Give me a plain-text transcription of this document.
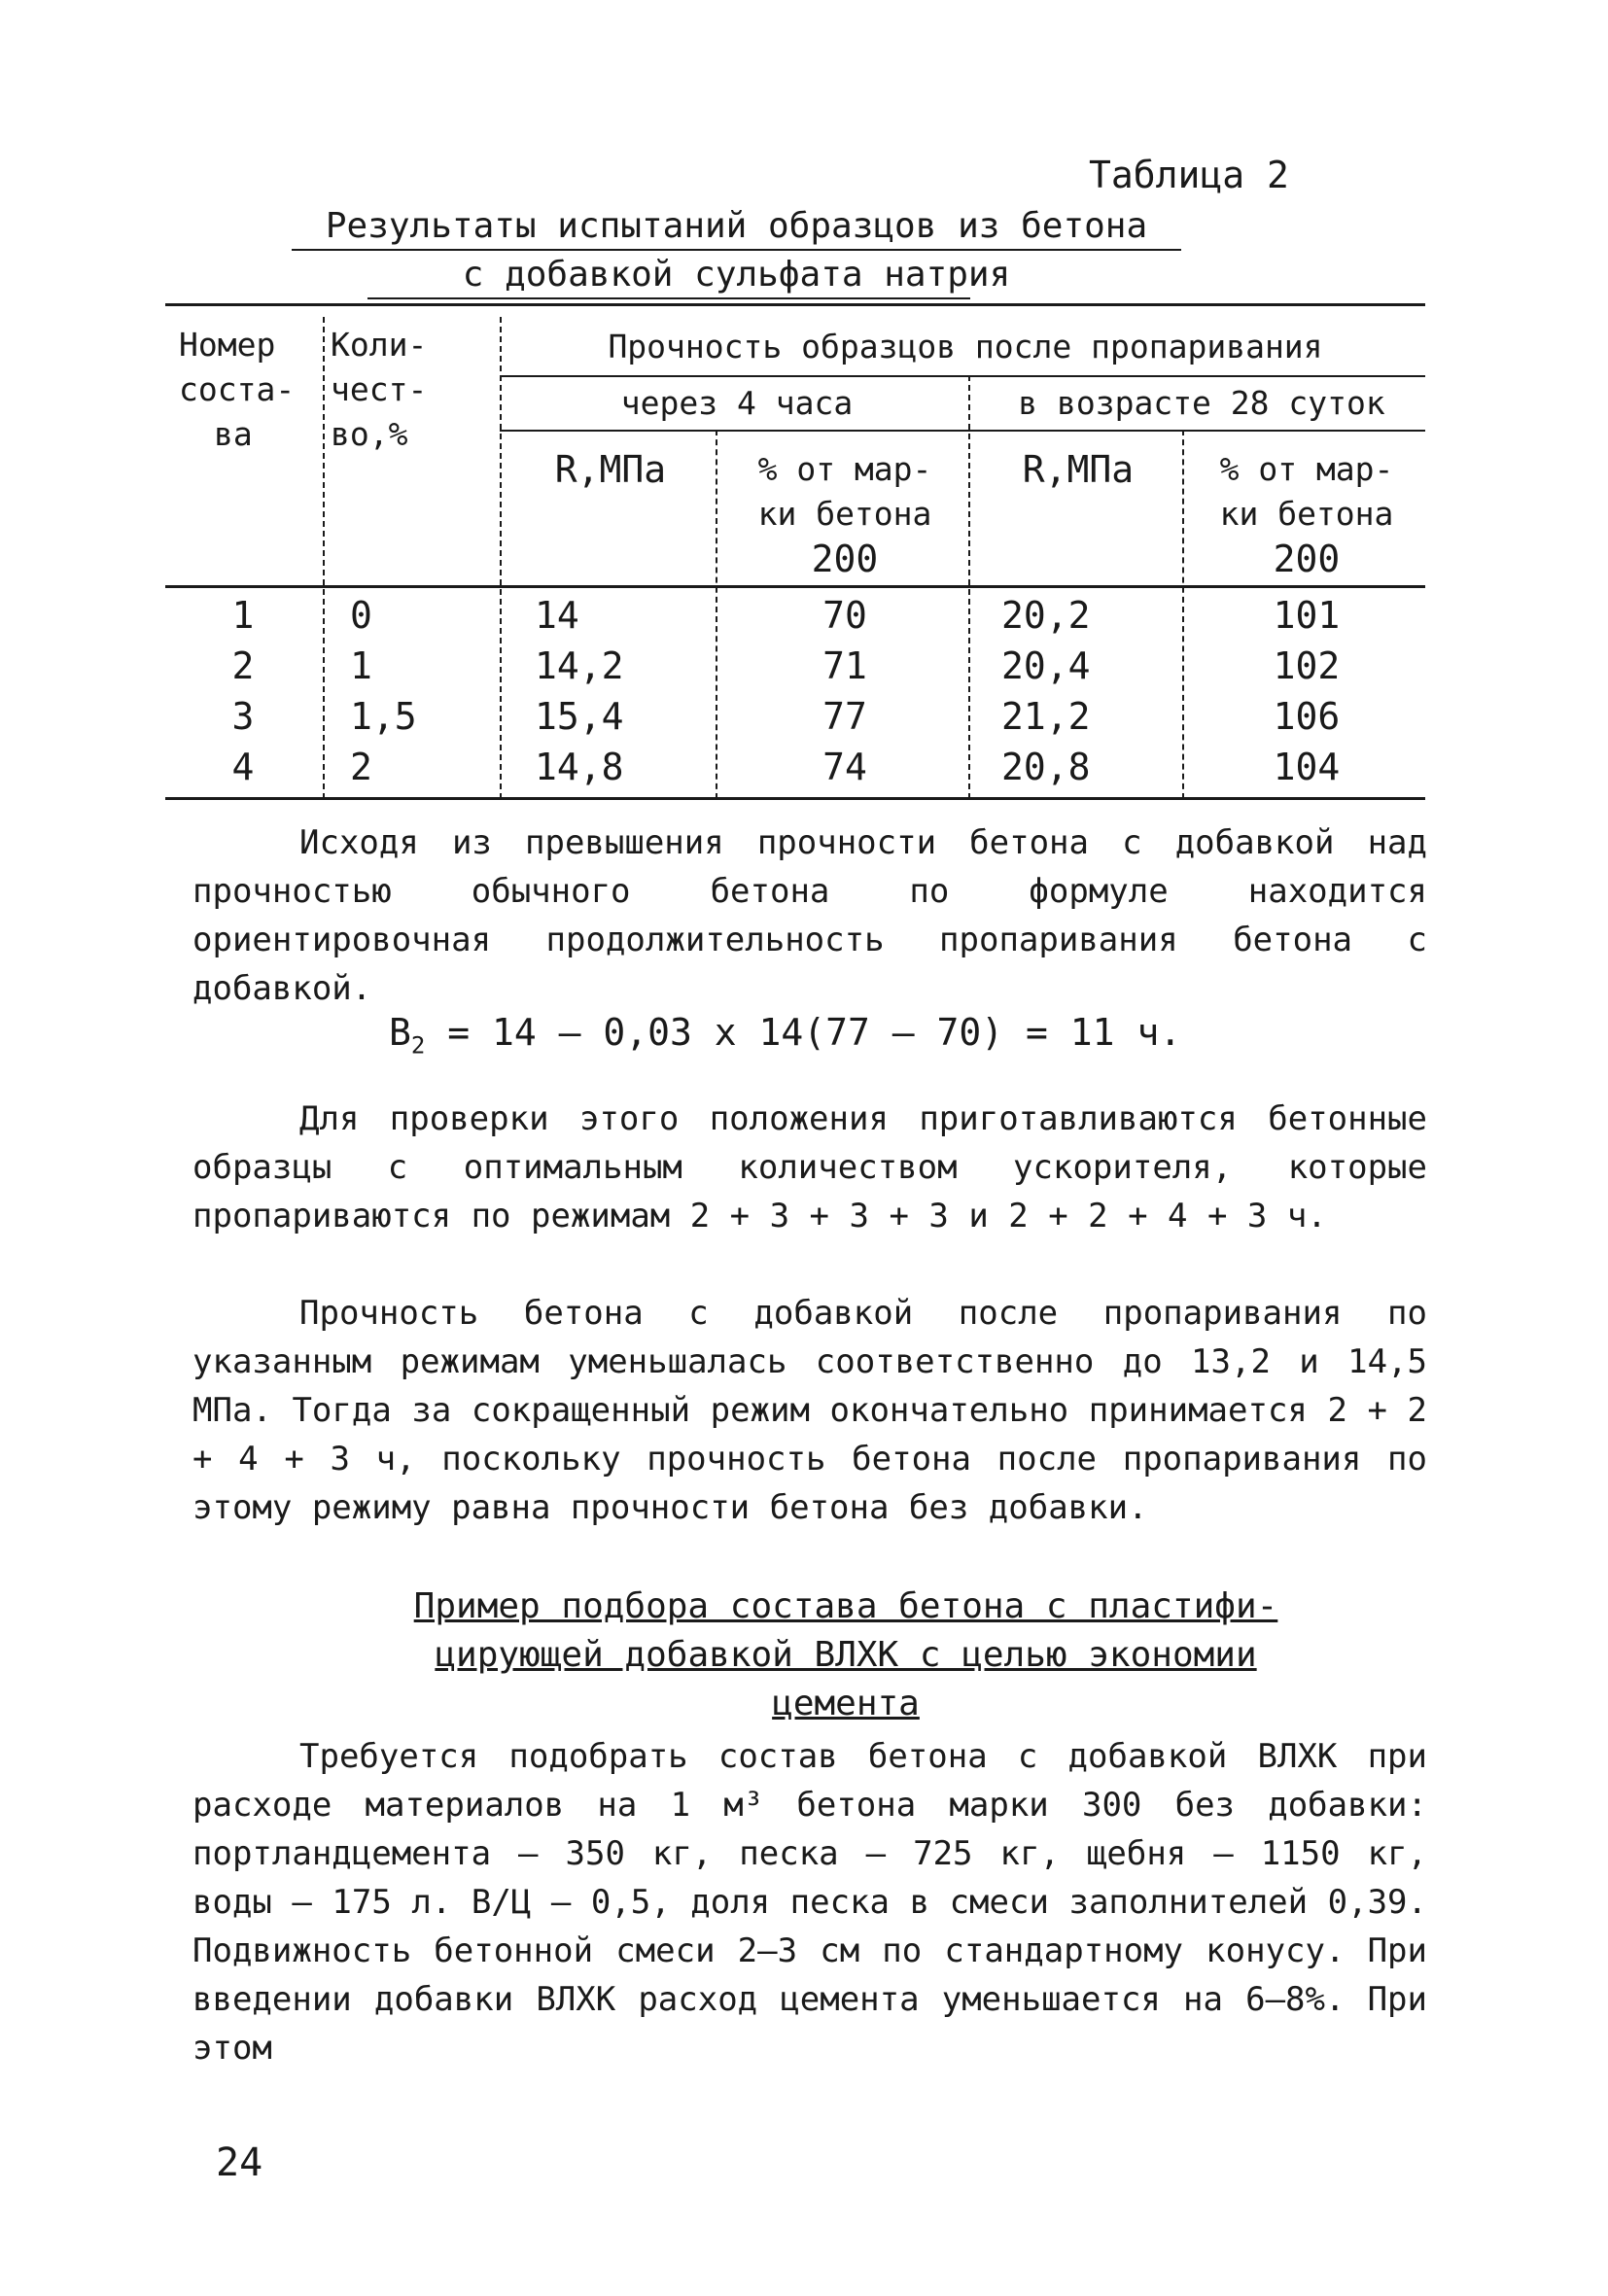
Таблица 2
Результаты испытаний образцов из бетона
с добавкой сульфата натрия
Номер
соста-
ва
Коли-
чест-
во,%
Прочность образцов после пропаривания
через 4 часа	в возрасте 28 суток
R,МПа	% от мар-
ки бетона
200
R,МПа	% от мар-
ки бетона
200
1	0	14	70	20,2	101
2	1	14,2	71	20,4	102
3	1,5	15,4	77	21,2	106
4	2	14,8	74	20,8	104
Исходя из превышения прочности бетона с добавкой над прочностью обычного бетона по формуле находится ориентировочная продолжительность пропаривания бетона с добавкой.
$В_2 = 14 - 0,03$ х 14(77 – 70) = 11 ч.
Для проверки этого положения приготавливаются бетонные образцы с оптимальным количеством ускорителя, которые пропариваются по режимам 2 + 3 + 3 + 3 и 2 + 2 + 4 + 3 ч.
Прочность бетона с добавкой после пропаривания по указанным режимам уменьшалась соответственно до 13,2 и 14,5 МПа. Тогда за сокращенный режим окончательно принимается 2 + 2 + 4 + 3 ч, поскольку прочность бетона после пропаривания по этому режиму равна прочности бетона без добавки.
Пример подбора состава бетона с пластифи-
цирующей добавкой ВЛХК с целью экономии
цемента
Требуется подобрать состав бетона с добавкой ВЛХК при расходе материалов на 1 м³ бетона марки 300 без добавки: портландцемента – 350 кг, песка – 725 кг, щебня – 1150 кг, воды – 175 л. В/Ц – 0,5, доля песка в смеси заполнителей 0,39. Подвижность бетонной смеси 2–3 см по стандартному конусу. При введении добавки ВЛХК расход цемента уменьшается на 6–8%. При этом
24
